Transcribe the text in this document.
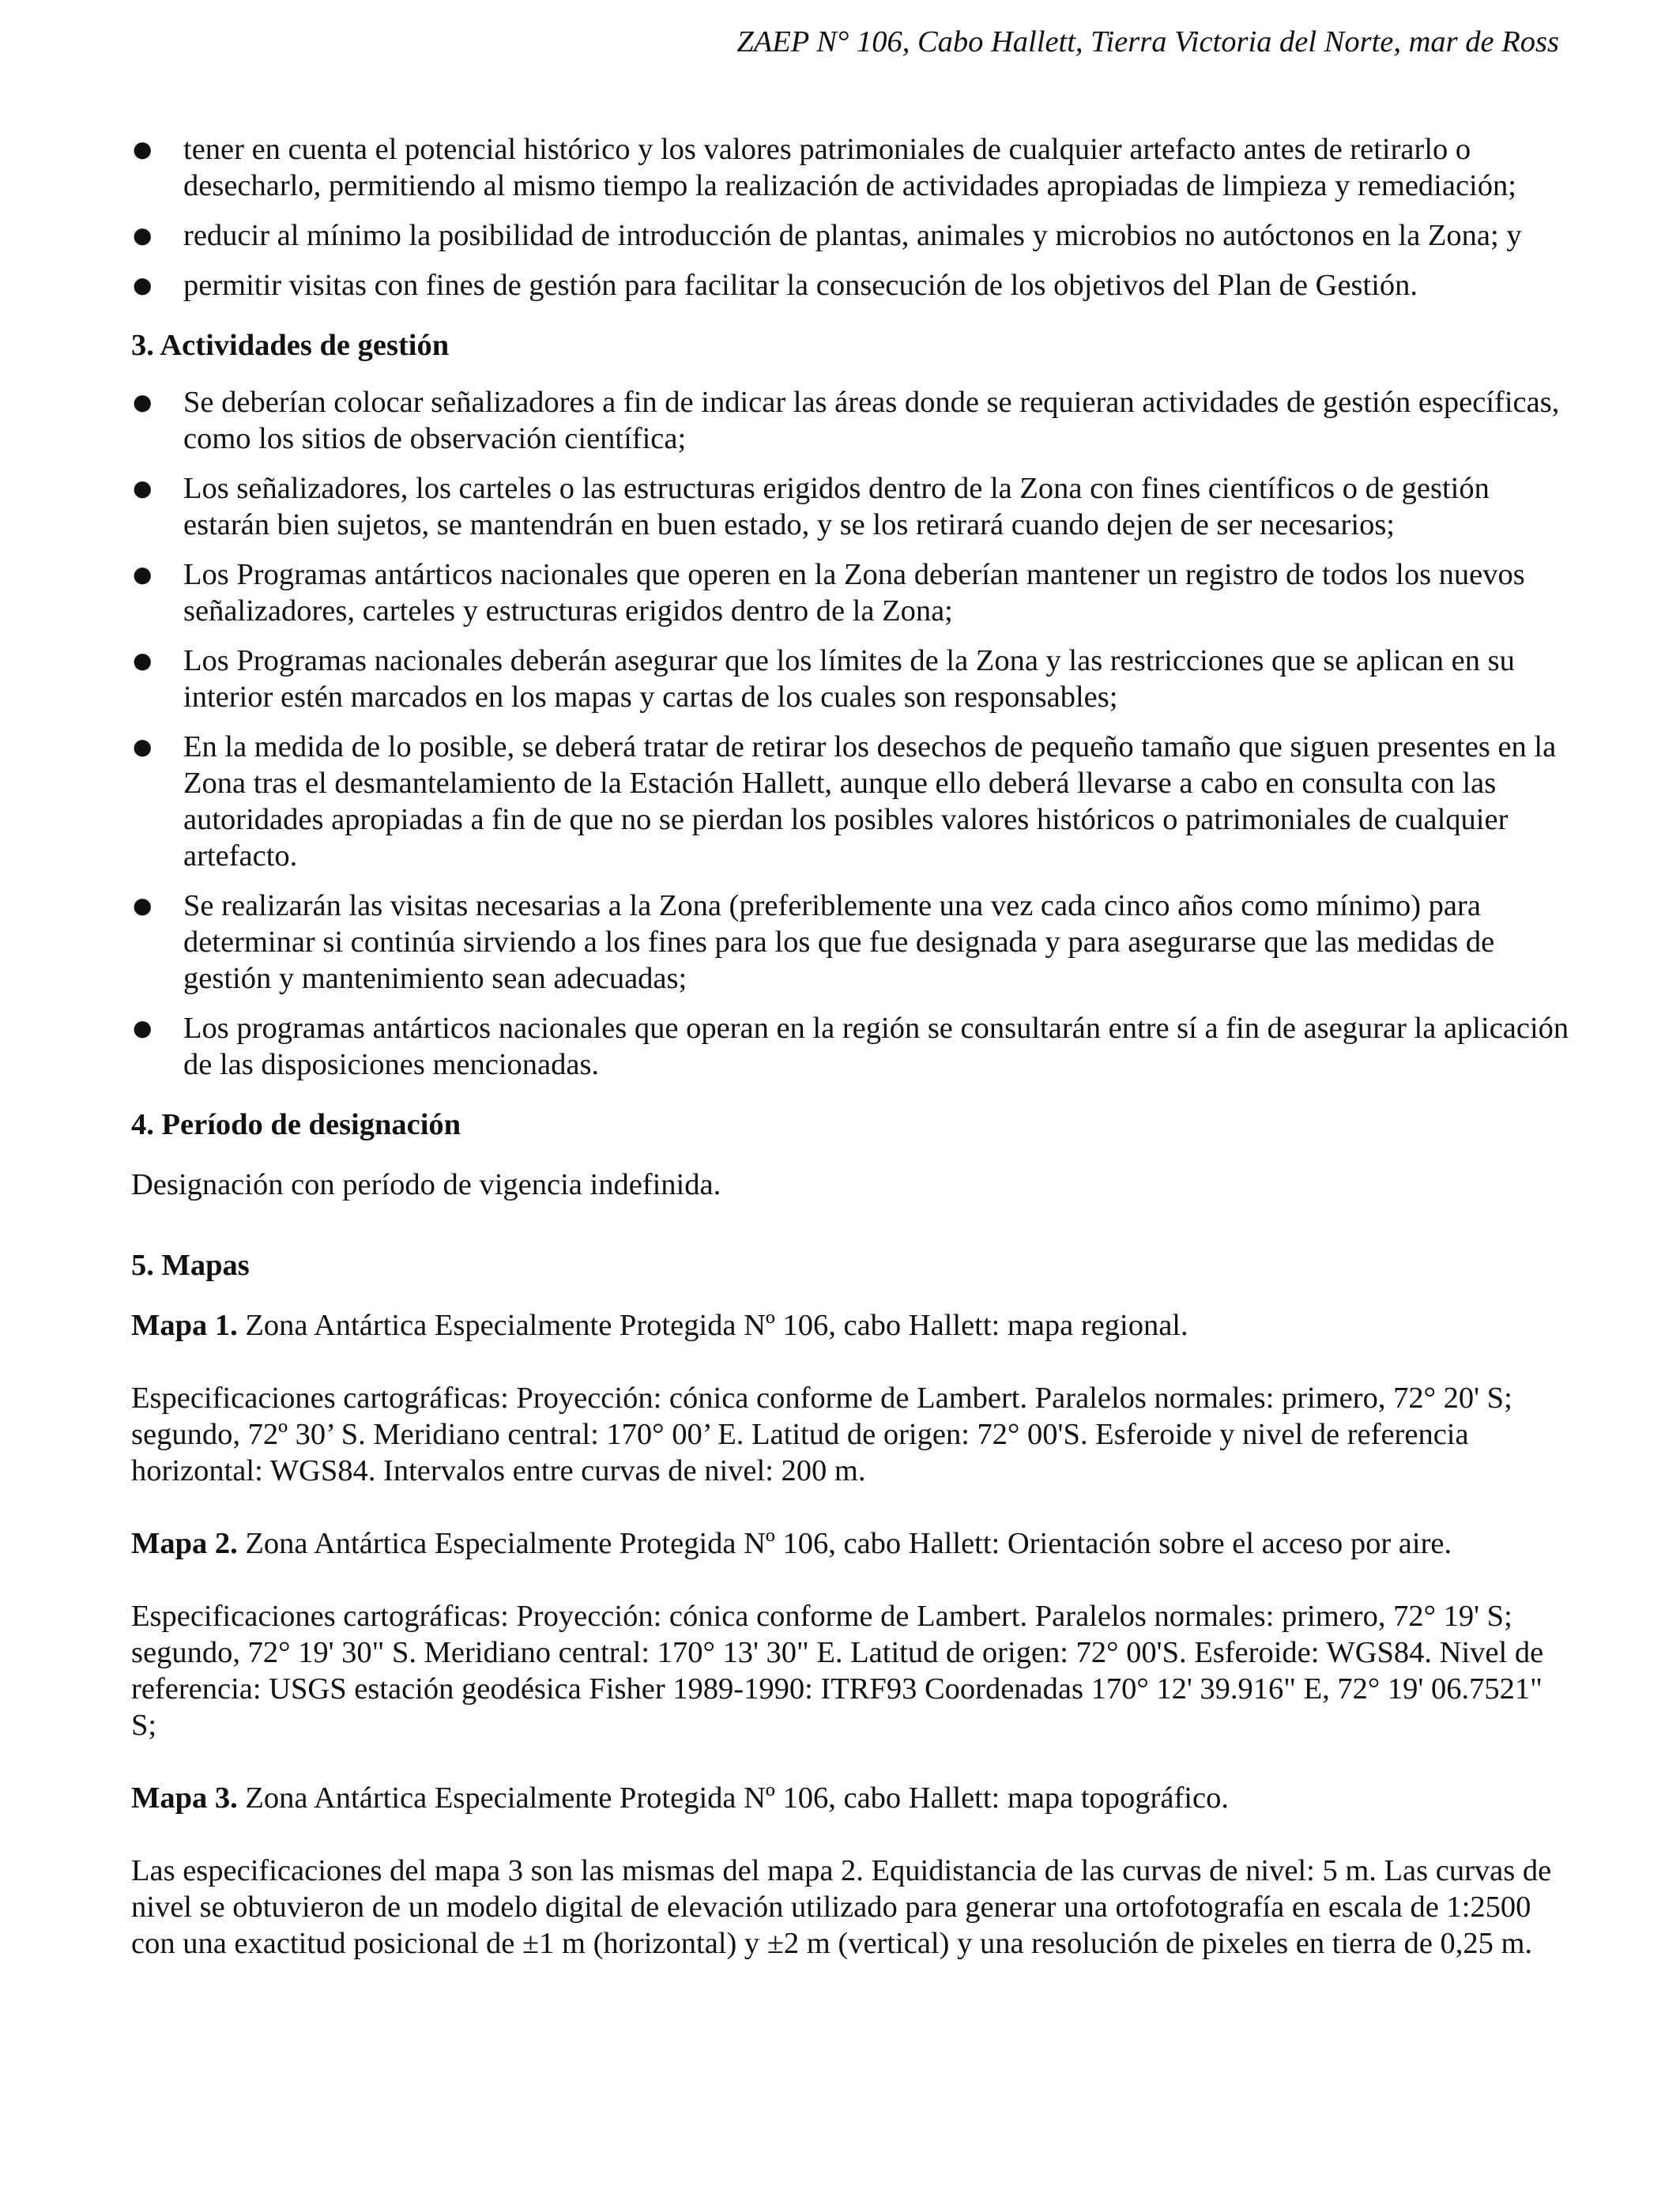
ZAEP N° 106, Cabo Hallett, Tierra Victoria del Norte, mar de Ross
● tener en cuenta el potencial histórico y los valores patrimoniales de cualquier artefacto antes de retirarlo o desecharlo, permitiendo al mismo tiempo la realización de actividades apropiadas de limpieza y remediación;
● reducir al mínimo la posibilidad de introducción de plantas, animales y microbios no autóctonos en la Zona; y
● permitir visitas con fines de gestión para facilitar la consecución de los objetivos del Plan de Gestión.
3. Actividades de gestión
● Se deberían colocar señalizadores a fin de indicar las áreas donde se requieran actividades de gestión específicas, como los sitios de observación científica;
● Los señalizadores, los carteles o las estructuras erigidos dentro de la Zona con fines científicos o de gestión estarán bien sujetos, se mantendrán en buen estado, y se los retirará cuando dejen de ser necesarios;
● Los Programas antárticos nacionales que operen en la Zona deberían mantener un registro de todos los nuevos señalizadores, carteles y estructuras erigidos dentro de la Zona;
● Los Programas nacionales deberán asegurar que los límites de la Zona y las restricciones que se aplican en su interior estén marcados en los mapas y cartas de los cuales son responsables;
● En la medida de lo posible, se deberá tratar de retirar los desechos de pequeño tamaño que siguen presentes en la Zona tras el desmantelamiento de la Estación Hallett, aunque ello deberá llevarse a cabo en consulta con las autoridades apropiadas a fin de que no se pierdan los posibles valores históricos o patrimoniales de cualquier artefacto.
● Se realizarán las visitas necesarias a la Zona (preferiblemente una vez cada cinco años como mínimo) para determinar si continúa sirviendo a los fines para los que fue designada y para asegurarse que las medidas de gestión y mantenimiento sean adecuadas;
● Los programas antárticos nacionales que operan en la región se consultarán entre sí a fin de asegurar la aplicación de las disposiciones mencionadas.
4. Período de designación

Designación con período de vigencia indefinida.

5. Mapas

Mapa 1. Zona Antártica Especialmente Protegida Nº 106, cabo Hallett: mapa regional.

Especificaciones cartográficas: Proyección: cónica conforme de Lambert. Paralelos normales: primero, 72° 20' S; segundo, 72º 30’ S. Meridiano central: 170° 00’ E. Latitud de origen: 72° 00'S. Esferoide y nivel de referencia horizontal: WGS84. Intervalos entre curvas de nivel: 200 m.

Mapa 2. Zona Antártica Especialmente Protegida Nº 106, cabo Hallett: Orientación sobre el acceso por aire.

Especificaciones cartográficas: Proyección: cónica conforme de Lambert. Paralelos normales: primero, 72° 19' S; segundo, 72° 19' 30" S. Meridiano central: 170° 13' 30" E. Latitud de origen: 72° 00'S. Esferoide: WGS84. Nivel de referencia: USGS estación geodésica Fisher 1989-1990: ITRF93 Coordenadas 170° 12' 39.916" E, 72° 19' 06.7521" S;

Mapa 3. Zona Antártica Especialmente Protegida Nº 106, cabo Hallett: mapa topográfico.

Las especificaciones del mapa 3 son las mismas del mapa 2. Equidistancia de las curvas de nivel: 5 m. Las curvas de nivel se obtuvieron de un modelo digital de elevación utilizado para generar una ortofotografía en escala de 1:2500 con una exactitud posicional de ±1 m (horizontal) y ±2 m (vertical) y una resolución de pixeles en tierra de 0,25 m.
